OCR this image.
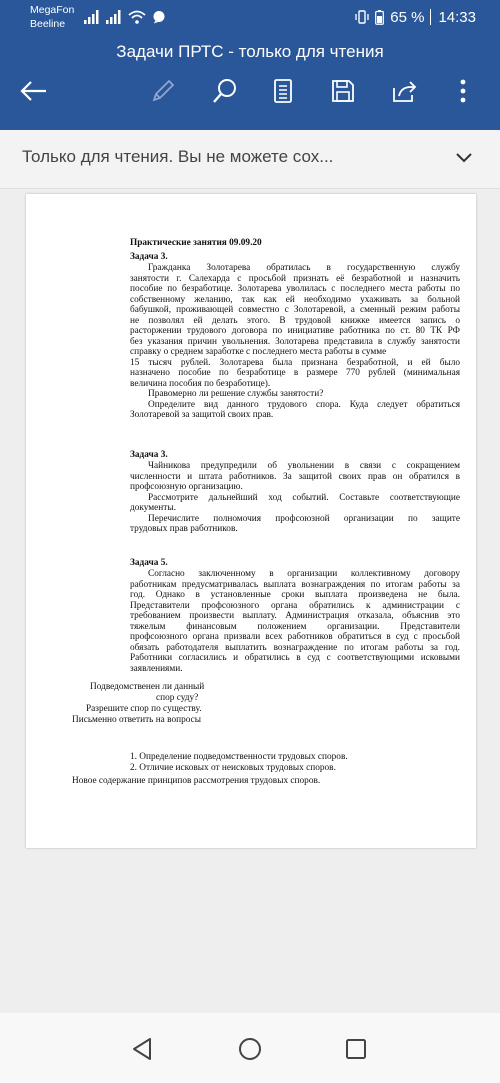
MegaFon
Beeline	65 % 14:33
Задачи ПРТС - только для чтения
Только для чтения. Вы не можете сох...
Практические занятия 09.09.20
Задача 3.
Гражданка Золотарева обратилась в государственную службу
занятости г. Салехарда с просьбой признать её безработной и назначить
пособие по безработице. Золотарева уволилась с последнего места работы по
собственному желанию, так как ей необходимо ухаживать за больной
бабушкой, проживающей совместно с Золотаревой, а сменный режим работы
не позволял ей делать этого. В трудовой книжке имеется запись о
расторжении трудового договора по инициативе работника по ст. 80 ТК РФ
без указания причин увольнения. Золотарева представила в службу занятости
справку о среднем заработке с последнего места работы в сумме
15 тысяч рублей. Золотарева была признана безработной, и ей было
назначено пособие по безработице в размере 770 рублей (минимальная
величина пособия по безработице).
Правомерно ли решение службы занятости?
Определите вид данного трудового спора. Куда следует обратиться
Золотаревой за защитой своих прав.
Задача 3.
Чайникова предупредили об увольнении в связи с сокращением
численности и штата работников. За защитой своих прав он обратился в
профсоюзную организацию.
Рассмотрите дальнейший ход событий. Составьте соответствующие
документы.
Перечислите полномочия профсоюзной организации по защите
трудовых прав работников.
Задача 5.
Согласно заключенному в организации коллективному договору
работникам предусматривалась выплата вознаграждения по итогам работы за
год. Однако в установленные сроки выплата произведена не была.
Представители профсоюзного органа обратились к администрации с
требованием произвести выплату. Администрация отказала, объяснив это
тяжелым финансовым положением организации. Представители
профсоюзного органа призвали всех работников обратиться в суд с просьбой
обязать работодателя выплатить вознаграждение по итогам работы за год.
Работники согласились и обратились в суд с соответствующими исковыми
заявлениями.
Подведомственен ли данный
спор суду?
Разрешите спор по существу.
Письменно ответить на вопросы
1. Определение подведомственности трудовых споров.
2. Отличие исковых от неисковых трудовых споров.
Новое содержание принципов рассмотрения трудовых споров.
